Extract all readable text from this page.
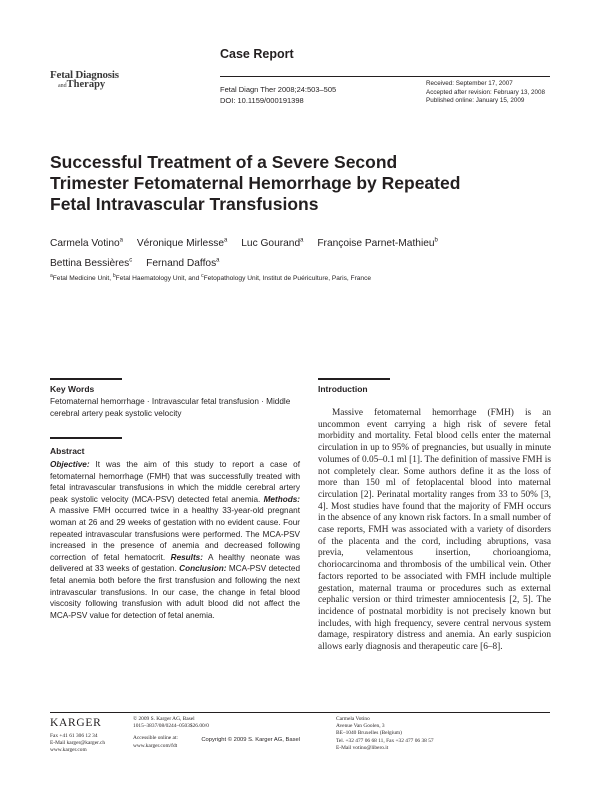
Case Report
Fetal Diagnosis
andTherapy	Fetal Diagn Ther 2008;24:503–505
DOI: 10.1159/000191398
Received: September 17, 2007
Accepted after revision: February 13, 2008
Published online: January 15, 2009
Successful Treatment of a Severe Second
Trimester Fetomaternal Hemorrhage by Repeated
Fetal Intravascular Transfusions
Carmela Votino$^a$ Véronique Mirlesse$^a$ Luc Gourand$^a$ Françoise Parnet-Mathieu$^b$
Bettina Bessières$^c$ Fernand Daffos$^a$
$^a$Fetal Medicine Unit, $^b$Fetal Haematology Unit, and $^c$Fetopathology Unit, Institut de Puériculture, Paris, France
Key Words
Fetomaternal hemorrhage · Intravascular fetal transfusion · Middle cerebral artery peak systolic velocity
Abstract
Objective: It was the aim of this study to report a case of fetomaternal hemorrhage (FMH) that was successfully treated with fetal intravascular transfusions in which the middle cerebral artery peak systolic velocity (MCA-PSV) detected fetal anemia. Methods: A massive FMH occurred twice in a healthy 33-year-old pregnant woman at 26 and 29 weeks of gestation with no evident cause. Four repeated intravascular transfusions were performed. The MCA-PSV increased in the presence of anemia and decreased following correction of fetal hematocrit. Results: A healthy neonate was delivered at 33 weeks of gestation. Conclusion: MCA-PSV detected fetal anemia both before the first transfusion and following the next intravascular transfusions. In our case, the change in fetal blood viscosity following transfusion with adult blood did not affect the MCA-PSV value for detection of fetal anemia.
Copyright © 2009 S. Karger AG, Basel
Introduction

Massive fetomaternal hemorrhage (FMH) is an uncommon event carrying a high risk of severe fetal morbidity and mortality. Fetal blood cells enter the maternal circulation in up to 95% of pregnancies, but usually in minute volumes of 0.05–0.1 ml [1]. The definition of massive FMH is not completely clear. Some authors define it as the loss of more than 150 ml of fetoplacental blood into maternal circulation [2]. Perinatal mortality ranges from 33 to 50% [3, 4]. Most studies have found that the majority of FMH occurs in the absence of any known risk factors. In a small number of case reports, FMH was associated with a variety of disorders of the placenta and the cord, including abruptions, vasa previa, velamentous insertion, chorioangioma, choriocarcinoma and thrombosis of the umbilical vein. Other factors reported to be associated with FMH include multiple gestation, maternal trauma or procedures such as external cephalic version or third trimester amniocentesis [2, 5]. The incidence of postnatal morbidity is not precisely known but includes, with high frequency, severe central nervous system damage, respiratory distress and anemia. An early suspicion allows early diagnosis and therapeutic care [6–8].

KARGER
Fax +41 61 306 12 34
E-Mail karger@karger.ch
www.karger.com
© 2009 S. Karger AG, Basel
1015–3837/08/0244–0503$26.00/0
Accessible online at:
www.karger.com/fdt
Carmela Votino
Avenue Van Goolen, 3
BE–1040 Bruxelles (Belgium)
Tel. +32 477 06 68 11, Fax +32 477 06 38 57
E-Mail votino@libero.it
